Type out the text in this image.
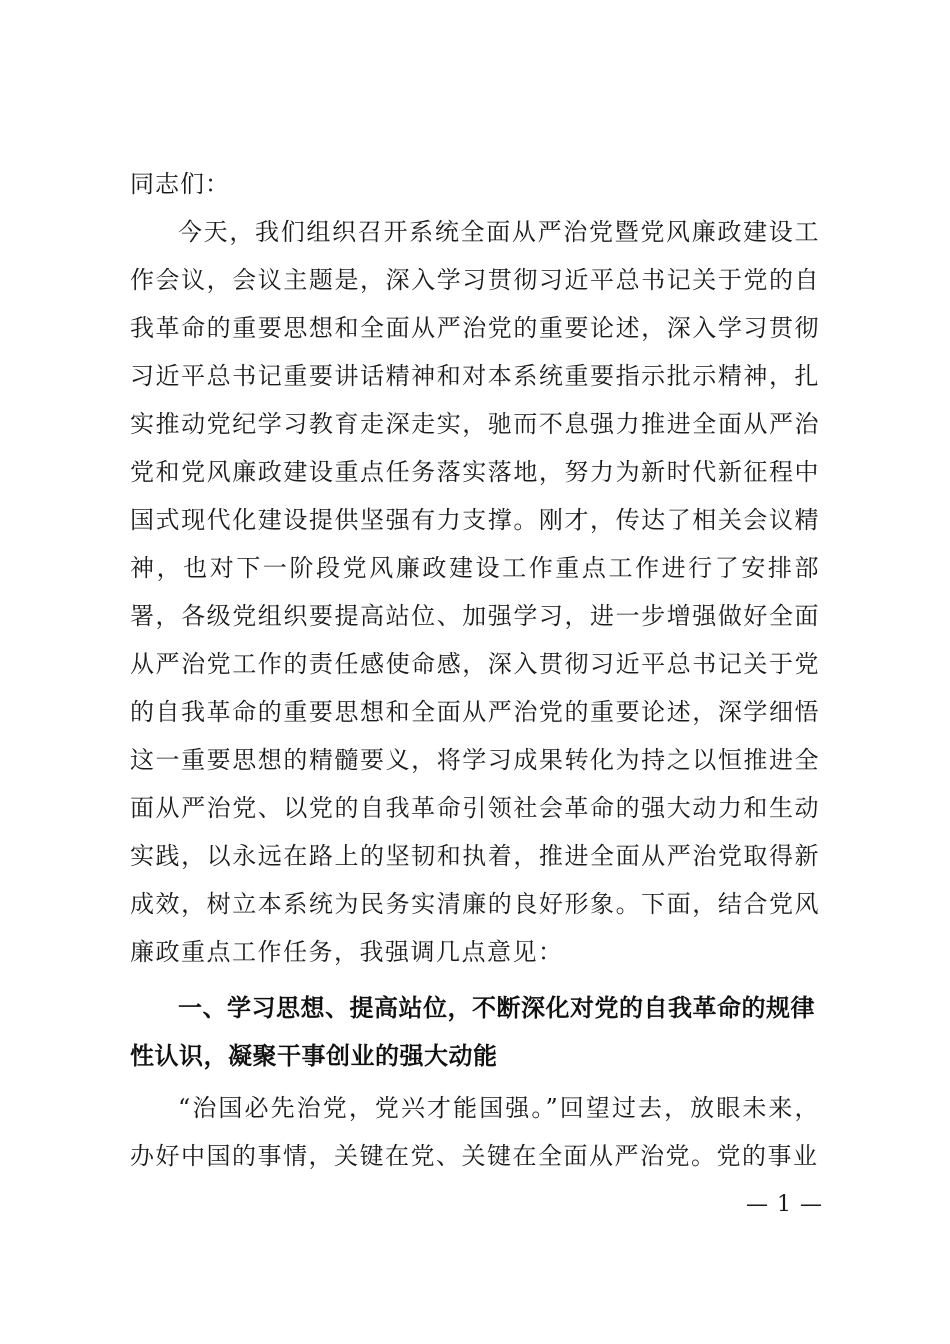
同志们：

今天，我们组织召开系统全面从严治党暨党风廉政建设工作会议，会议主题是，深入学习贯彻习近平总书记关于党的自我革命的重要思想和全面从严治党的重要论述，深入学习贯彻习近平总书记重要讲话精神和对本系统重要指示批示精神，扎实推动党纪学习教育走深走实，驰而不息强力推进全面从严治党和党风廉政建设重点任务落实落地，努力为新时代新征程中国式现代化建设提供坚强有力支撑。刚才，传达了相关会议精神，也对下一阶段党风廉政建设工作重点工作进行了安排部署，各级党组织要提高站位、加强学习，进一步增强做好全面从严治党工作的责任感使命感，深入贯彻习近平总书记关于党的自我革命的重要思想和全面从严治党的重要论述，深学细悟这一重要思想的精髓要义，将学习成果转化为持之以恒推进全面从严治党、以党的自我革命引领社会革命的强大动力和生动实践，以永远在路上的坚韧和执着，推进全面从严治党取得新成效，树立本系统为民务实清廉的良好形象。下面，结合党风廉政重点工作任务，我强调几点意见：

一、学习思想、提高站位，不断深化对党的自我革命的规律性认识，凝聚干事创业的强大动能

“治国必先治党，党兴才能国强。”回望过去，放眼未来，办好中国的事情，关键在党、关键在全面从严治党。党的事业

— 1 —
